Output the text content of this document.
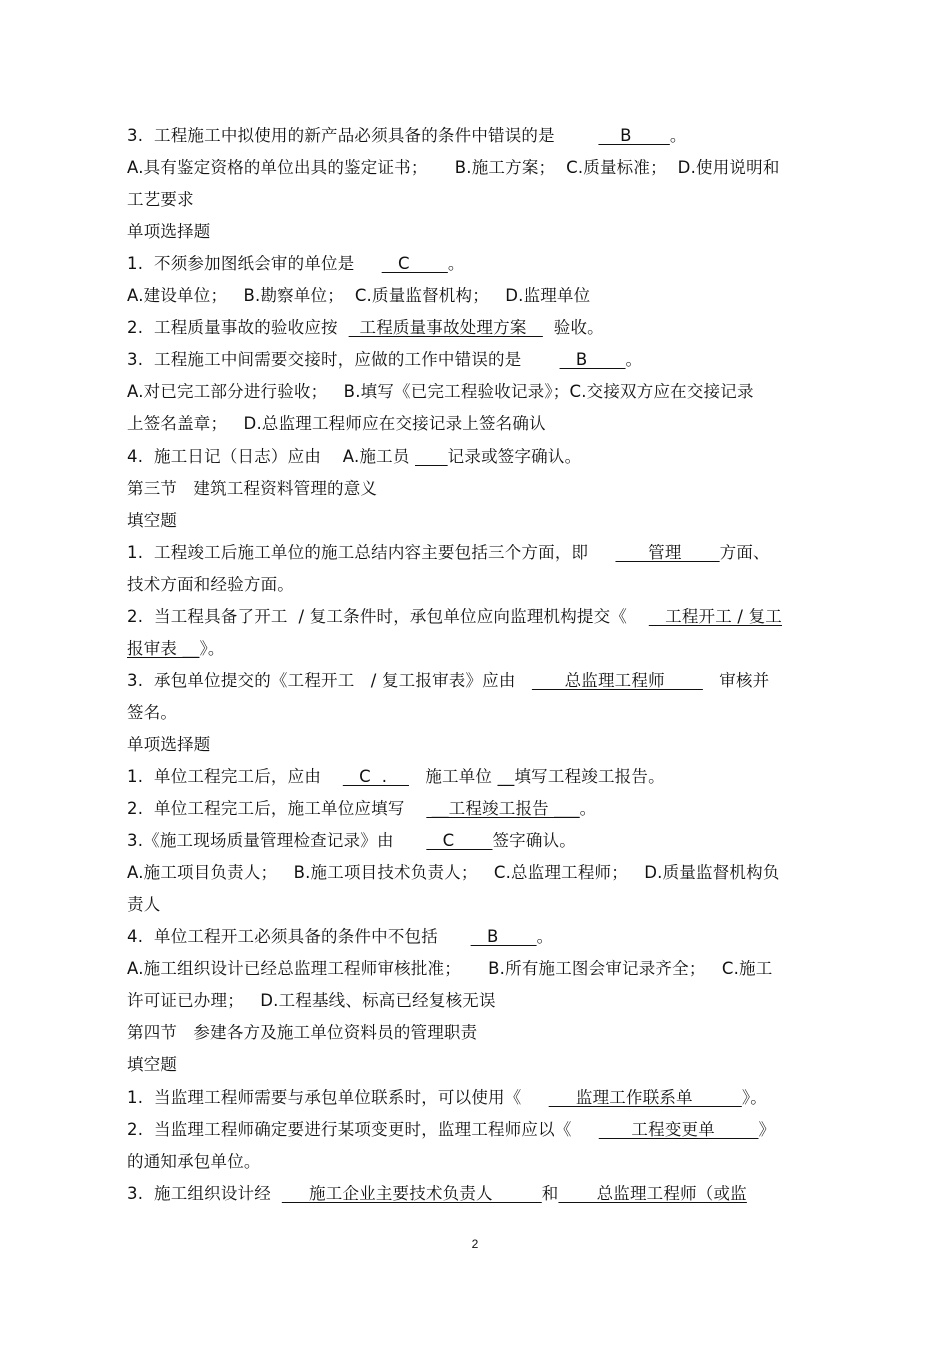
3.  工程施工中拟使用的新产品必须具备的条件中错误的是            B       。
A.具有鉴定资格的单位出具的鉴定证书；     B.施工方案；  C.质量标准；  D.使用说明和
工艺要求
单项选择题
1.  不须参加图纸会审的单位是        C       。
A.建设单位；   B.勘察单位；  C.质量监督机构；   D.监理单位
2.  工程质量事故的验收应按    工程质量事故处理方案     验收。
3.  工程施工中间需要交接时，应做的工作中错误的是          B       。
A.对已完工部分进行验收；   B.填写《已完工程验收记录》；C.交接双方应在交接记录
上签名盖章；   D.总监理工程师应在交接记录上签名确认
4.  施工日记（日志）应由    A.施工员       记录或签字确认。
第三节   建筑工程资料管理的意义
填空题
1.  工程竣工后施工单位的施工总结内容主要包括三个方面，即           管理       方面、
技术方面和经验方面。
2.  当工程具备了开工  / 复工条件时，承包单位应向监理机构提交《       工程开工 / 复工
报审表 __》。
3.  承包单位提交的《工程开工   / 复工报审表》应由         总监理工程师          审核并
签名。
单项选择题
1.  单位工程完工后，应由       C  .       施工单位 __填写工程竣工报告。
2.  单位工程完工后，施工单位应填写     __工程竣工报告 ___。
3.《施工现场质量管理检查记录》由         C       签字确认。
A.施工项目负责人；   B.施工项目技术负责人；   C.总监理工程师；   D.质量监督机构负
责人
4.  单位工程开工必须具备的条件中不包括         B       。
A.施工组织设计已经总监理工程师审核批准；     B.所有施工图会审记录齐全；   C.施工
许可证已办理；   D.工程基线、标高已经复核无误
第四节   参建各方及施工单位资料员的管理职责
填空题
1.  当监理工程师需要与承包单位联系时，可以使用《          监理工作联系单         》。
2.  当监理工程师确定要进行某项变更时，监理工程师应以《           工程变更单        》
的通知承包单位。
3.  施工组织设计经       施工企业主要技术负责人         和       总监理工程师（或监
2
